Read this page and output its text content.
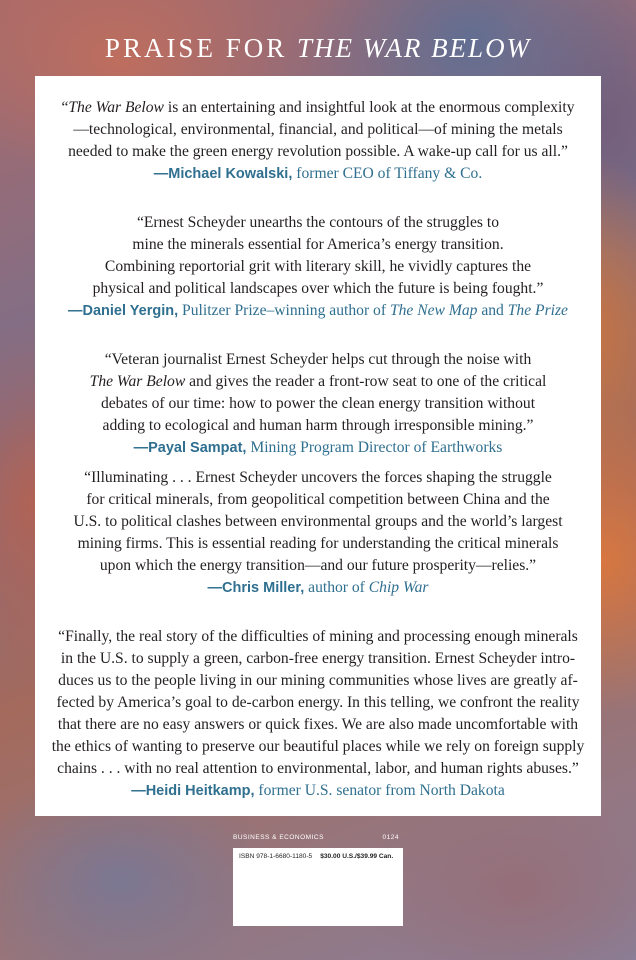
PRAISE FOR THE WAR BELOW

“The War Below is an entertaining and insightful look at the enormous complexity

—technological, environmental, financial, and political—of mining the metals

needed to make the green energy revolution possible. A wake-up call for us all.”

—Michael Kowalski, former CEO of Tiffany & Co.

“Ernest Scheyder unearths the contours of the struggles to

mine the minerals essential for America’s energy transition.

Combining reportorial grit with literary skill, he vividly captures the

physical and political landscapes over which the future is being fought.”

—Daniel Yergin, Pulitzer Prize–winning author of The New Map and The Prize

“Veteran journalist Ernest Scheyder helps cut through the noise with

The War Below and gives the reader a front-row seat to one of the critical

debates of our time: how to power the clean energy transition without

adding to ecological and human harm through irresponsible mining.”

—Payal Sampat, Mining Program Director of Earthworks

“Illuminating . . . Ernest Scheyder uncovers the forces shaping the struggle

for critical minerals, from geopolitical competition between China and the

U.S. to political clashes between environmental groups and the world’s largest

mining firms. This is essential reading for understanding the critical minerals

upon which the energy transition—and our future prosperity—relies.”

—Chris Miller, author of Chip War

“Finally, the real story of the difficulties of mining and processing enough minerals

in the U.S. to supply a green, carbon-free energy transition. Ernest Scheyder intro-

duces us to the people living in our mining communities whose lives are greatly af-

fected by America’s goal to de-carbon energy. In this telling, we confront the reality

that there are no easy answers or quick fixes. We are also made uncomfortable with

the ethics of wanting to preserve our beautiful places while we rely on foreign supply

chains . . . with no real attention to environmental, labor, and human rights abuses.”

—Heidi Heitkamp, former U.S. senator from North Dakota

BUSINESS & ECONOMICS	0124
ISBN 978-1-6680-1180-5 $30.00 U.S./$39.99 Can.
